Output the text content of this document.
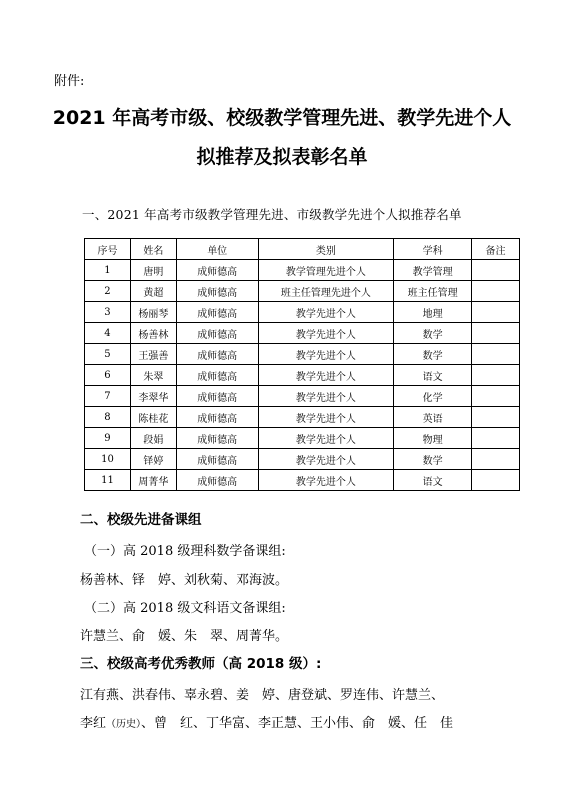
附件:
2021 年高考市级、校级教学管理先进、教学先进个人
拟推荐及拟表彰名单
一、2021 年高考市级教学管理先进、市级教学先进个人拟推荐名单
序号	姓名	单位	类别	学科	备注
1	唐明	成师德高	教学管理先进个人	教学管理	
2	黄超	成师德高	班主任管理先进个人	班主任管理	
3	杨丽琴	成师德高	教学先进个人	地理	
4	杨善林	成师德高	教学先进个人	数学	
5	王强善	成师德高	教学先进个人	数学	
6	朱翠	成师德高	教学先进个人	语文	
7	李翠华	成师德高	教学先进个人	化学	
8	陈桂花	成师德高	教学先进个人	英语	
9	段娟	成师德高	教学先进个人	物理	
10	铎婷	成师德高	教学先进个人	数学	
11	周菁华	成师德高	教学先进个人	语文	
二、校级先进备课组
（一）高 2018 级理科数学备课组:
杨善林、铎　婷、刘秋菊、邓海波。
（二）高 2018 级文科语文备课组:
许慧兰、俞　媛、朱　翠、周菁华。
三、校级高考优秀教师（高 2018 级）:
江有燕、洪春伟、辜永碧、姜　婷、唐登斌、罗连伟、许慧兰、
李红（历史）、曾　红、丁华富、李正慧、王小伟、俞　媛、任　佳
